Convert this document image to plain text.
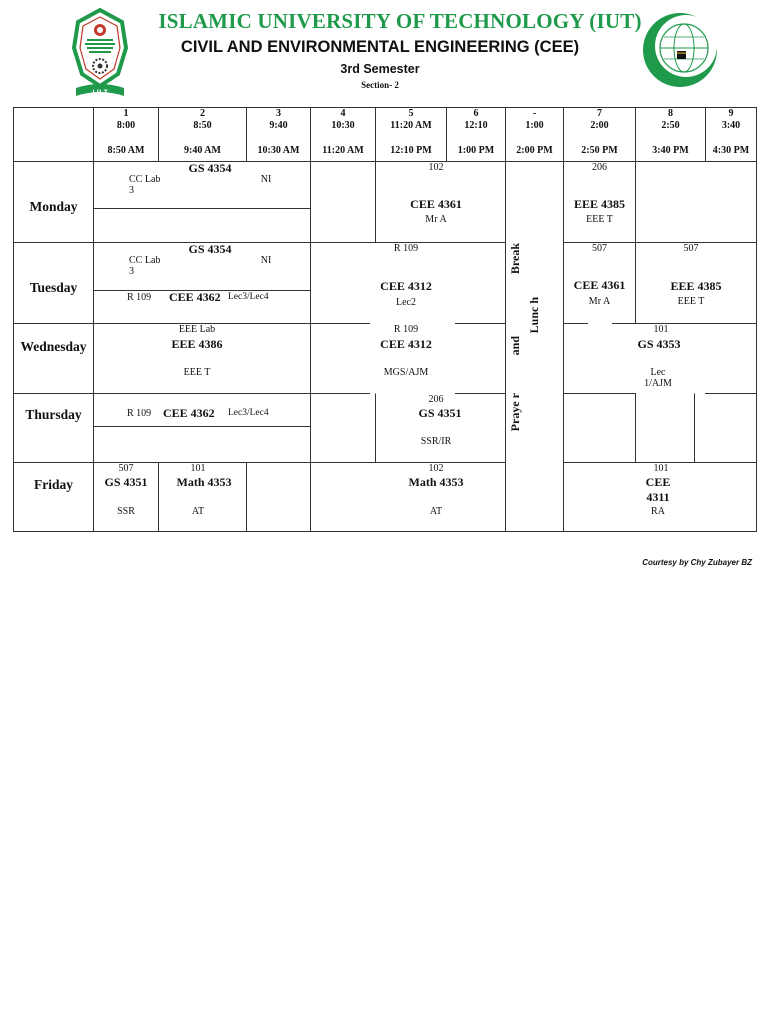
I U T
ISLAMIC UNIVERSITY OF TECHNOLOGY (IUT)
CIVIL AND ENVIRONMENTAL ENGINEERING (CEE)
3rd Semester
Section- 2
1
8:00
8:50 AM
2
8:50
9:40 AM
3
9:40
10:30 AM
4
10:30
11:20 AM
5
11:20 AM
12:10 PM
6
12:10
1:00 PM
-
1:00
2:00 PM
7
2:00
2:50 PM
8
2:50
3:40 PM
9
3:40
4:30 PM
Monday
Tuesday
Wednesday
Thursday
Friday
Break
Lunc h
and
Praye r
CC Lab
3
GS 4354
NI
102
CEE 4361
Mr A
206
EEE 4385
EEE T
CC Lab
3
GS 4354
NI
R 109 CEE 4362 Lec3/Lec4
R 109
CEE 4312
Lec2
507
CEE 4361
Mr A
507
EEE 4385
EEE T
EEE Lab
EEE 4386
EEE T
R 109
CEE 4312
MGS/AJM
101
GS 4353
Lec
1/AJM
R 109 CEE 4362 Lec3/Lec4
206
GS 4351
SSR/IR
507
GS 4351
SSR
101
Math 4353
AT
102
Math 4353
AT
101
CEE
4311
RA
Courtesy by Chy Zubayer BZ
